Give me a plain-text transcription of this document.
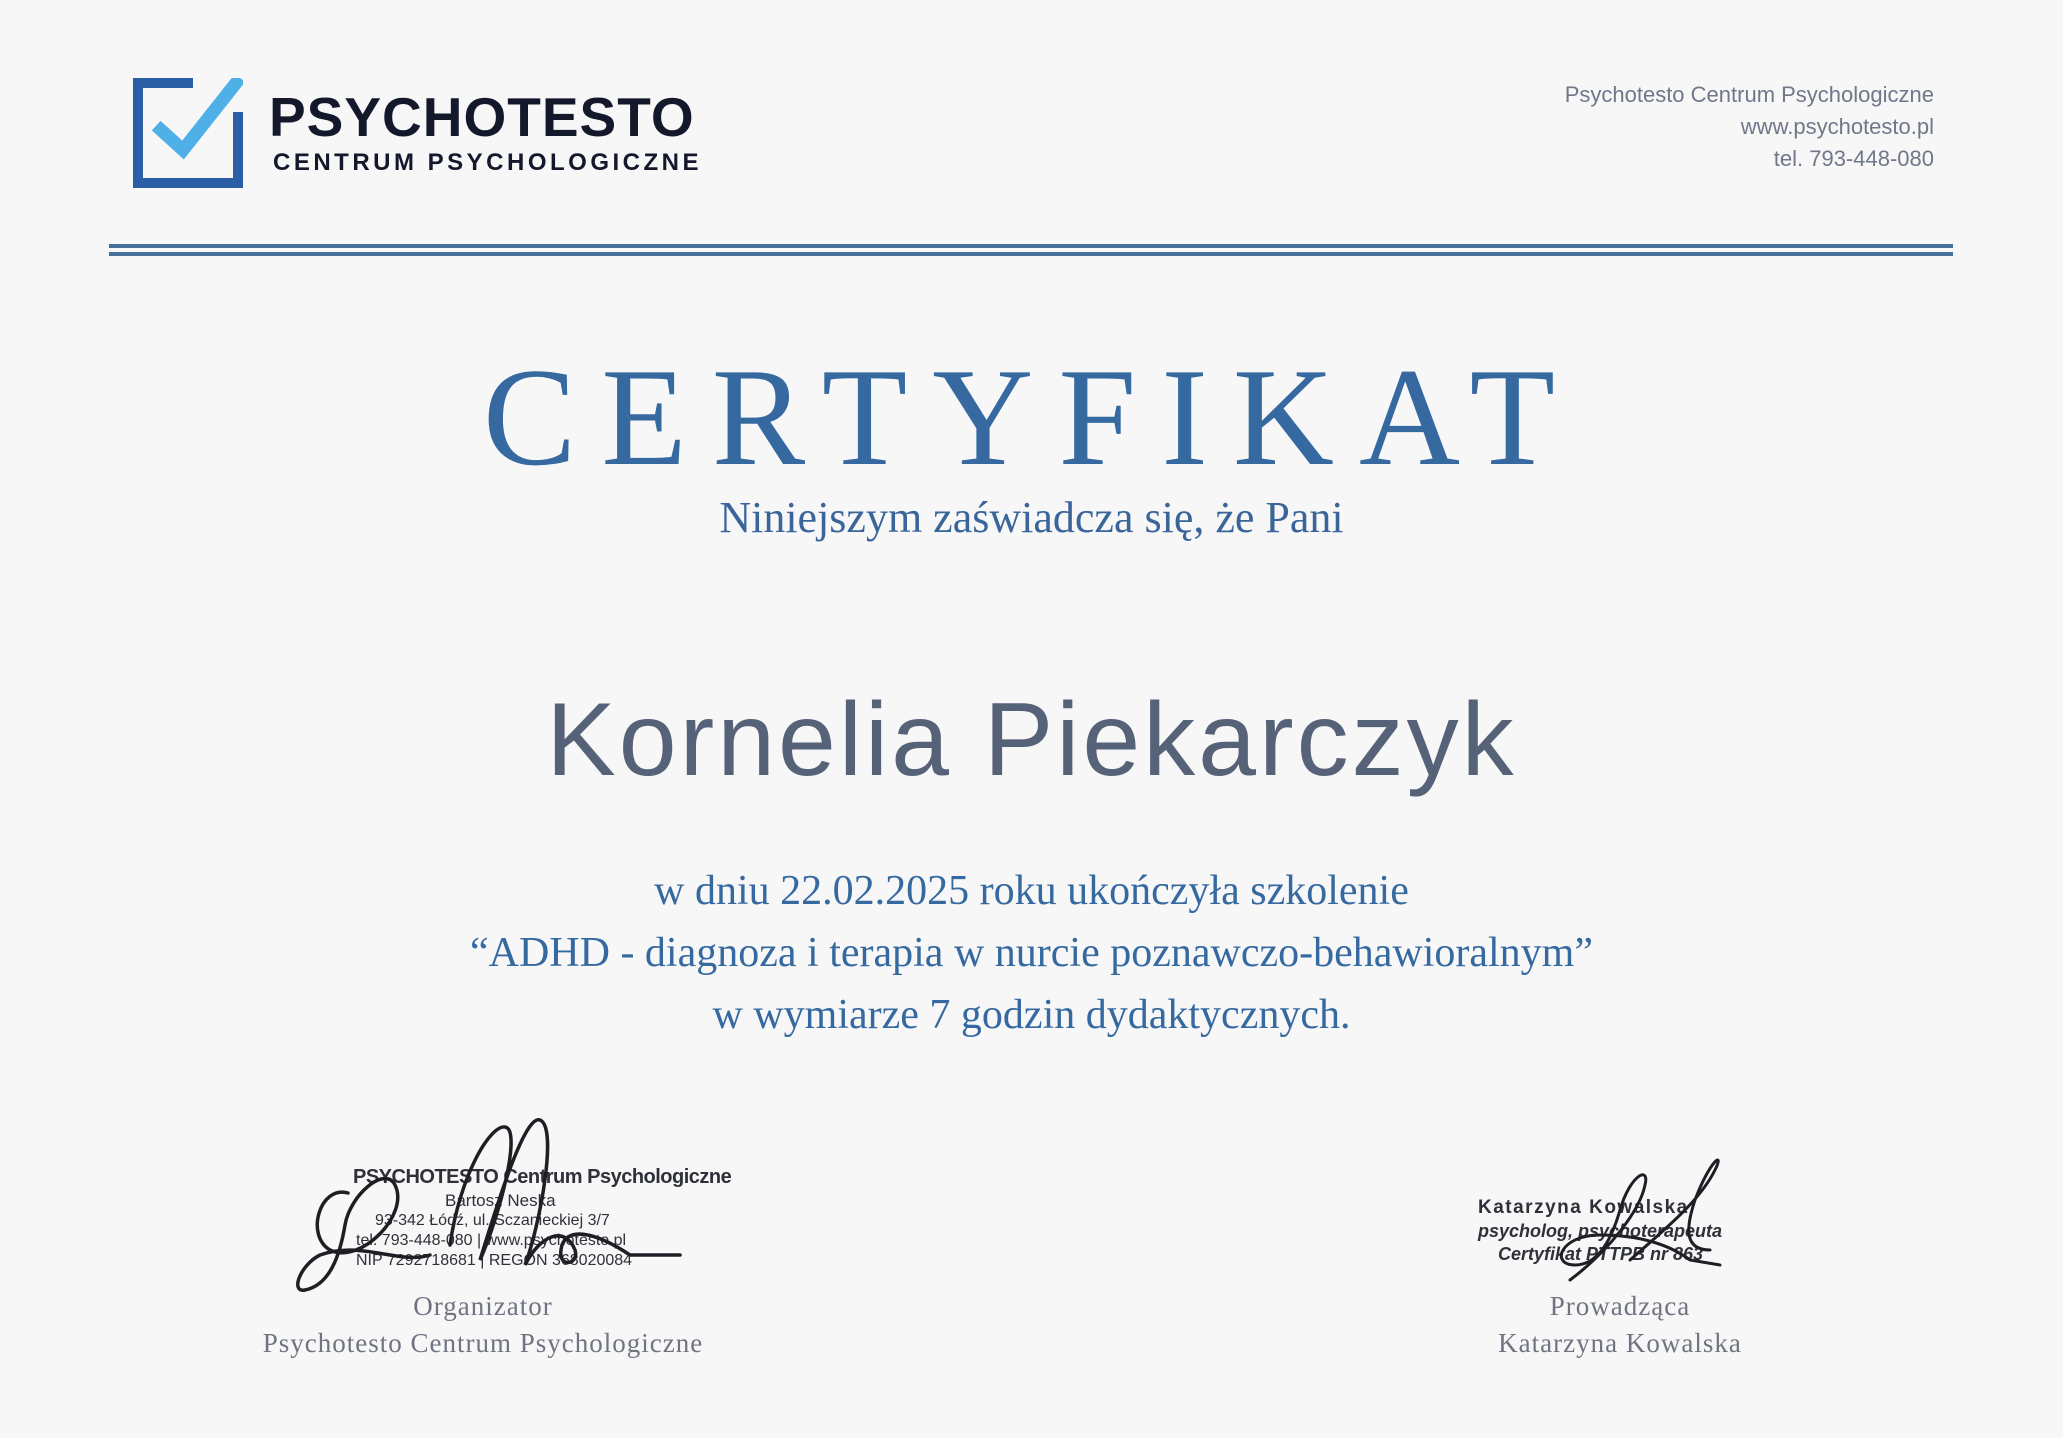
PSYCHOTESTO
CENTRUM PSYCHOLOGICZNE
Psychotesto Centrum Psychologiczne
www.psychotesto.pl
tel. 793-448-080
CERTYFIKAT
Niniejszym zaświadcza się, że Pani
Kornelia Piekarczyk
w dniu 22.02.2025 roku ukończyła szkolenie
“ADHD - diagnoza i terapia w nurcie poznawczo-behawioralnym”
w wymiarze 7 godzin dydaktycznych.
PSYCHOTESTO Centrum Psychologiczne
Bartosz Neska
93-342 Łódź, ul. Sczanieckiej 3/7
tel. 793-448-080 | www.psychotesto.pl
NIP 7292718681 | REGON 368020084
Katarzyna Kowalska
psycholog, psychoterapeuta
Certyfikat PTTPB nr 863
Organizator
Psychotesto Centrum Psychologiczne
Prowadząca
Katarzyna Kowalska
